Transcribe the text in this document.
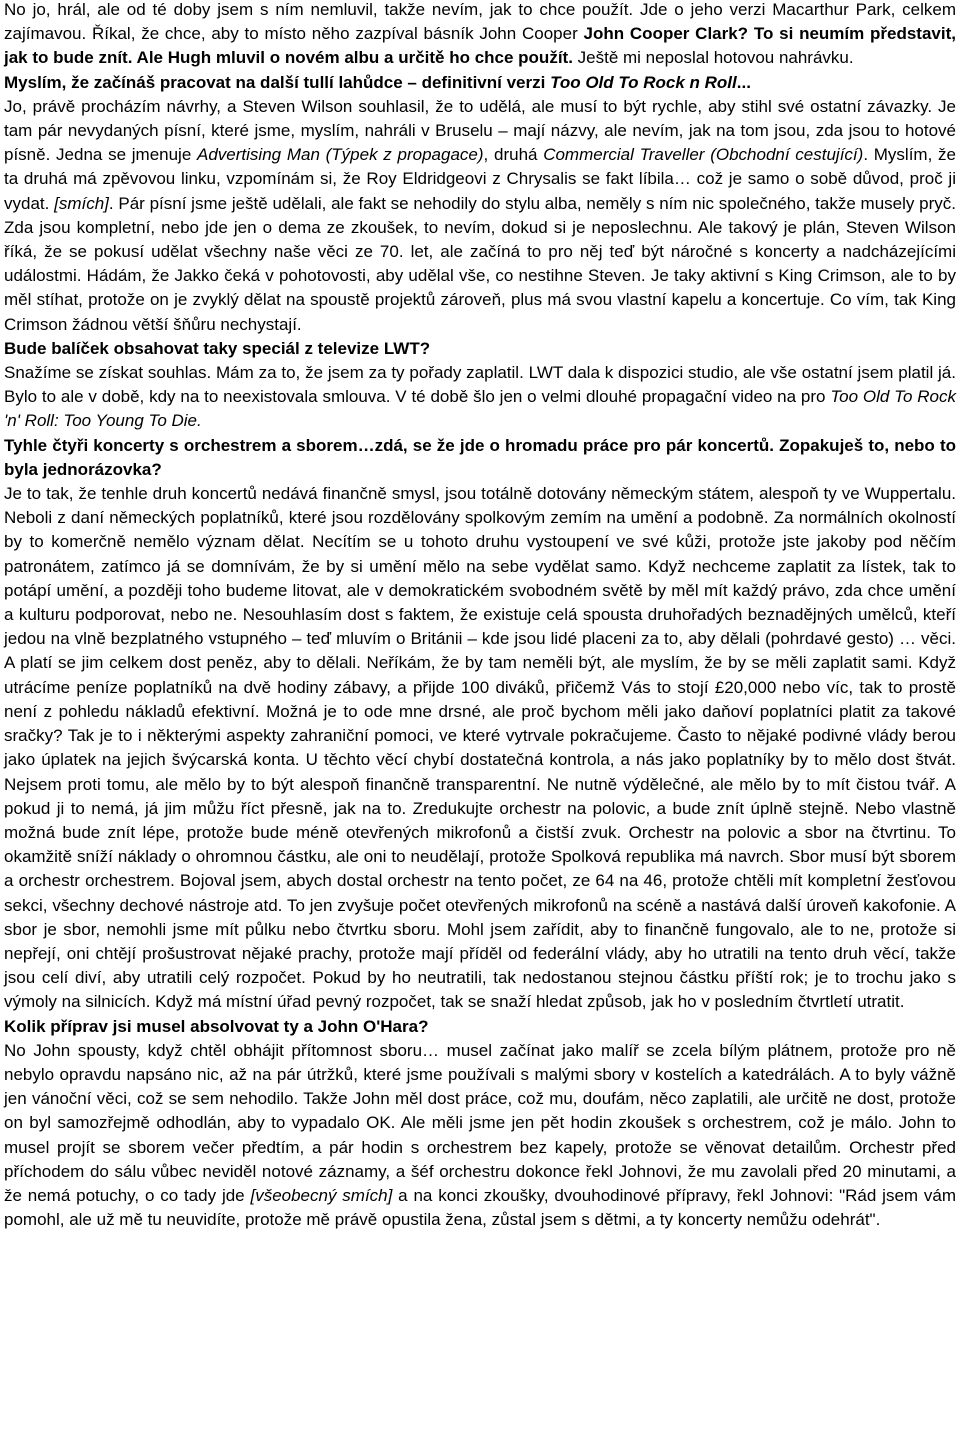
No jo, hrál, ale od té doby jsem s ním nemluvil, takže nevím, jak to chce použít. Jde o jeho verzi Macarthur Park, celkem zajímavou. Říkal, že chce, aby to místo něho zazpíval básník John Cooper John Cooper Clark? To si neumím představit, jak to bude znít. Ale Hugh mluvil o novém albu a určitě ho chce použít. Ještě mi neposlal hotovou nahrávku.

Myslím, že začínáš pracovat na další tullí lahůdce – definitivní verzi Too Old To Rock n Roll...

Jo, právě procházím návrhy, a Steven Wilson souhlasil, že to udělá, ale musí to být rychle, aby stihl své ostatní závazky. Je tam pár nevydaných písní, které jsme, myslím, nahráli v Bruselu – mají názvy, ale nevím, jak na tom jsou, zda jsou to hotové písně. Jedna se jmenuje Advertising Man (Týpek z propagace), druhá Commercial Traveller (Obchodní cestující). Myslím, že ta druhá má zpěvovou linku, vzpomínám si, že Roy Eldridgeovi z Chrysalis se fakt líbila… což je samo o sobě důvod, proč ji vydat. [smích]. Pár písní jsme ještě udělali, ale fakt se nehodily do stylu alba, neměly s ním nic společného, takže musely pryč. Zda jsou kompletní, nebo jde jen o dema ze zkoušek, to nevím, dokud si je neposlechnu. Ale takový je plán, Steven Wilson říká, že se pokusí udělat všechny naše věci ze 70. let, ale začíná to pro něj teď být náročné s koncerty a nadcházejícími událostmi. Hádám, že Jakko čeká v pohotovosti, aby udělal vše, co nestihne Steven. Je taky aktivní s King Crimson, ale to by měl stíhat, protože on je zvyklý dělat na spoustě projektů zároveň, plus má svou vlastní kapelu a koncertuje. Co vím, tak King Crimson žádnou větší šňůru nechystají.

Bude balíček obsahovat taky speciál z televize LWT?

Snažíme se získat souhlas. Mám za to, že jsem za ty pořady zaplatil. LWT dala k dispozici studio, ale vše ostatní jsem platil já. Bylo to ale v době, kdy na to neexistovala smlouva. V té době šlo jen o velmi dlouhé propagační video na pro Too Old To Rock 'n' Roll: Too Young To Die.

Tyhle čtyři koncerty s orchestrem a sborem…zdá, se že jde o hromadu práce pro pár koncertů. Zopakuješ to, nebo to byla jednorázovka?

Je to tak, že tenhle druh koncertů nedává finančně smysl, jsou totálně dotovány německým státem, alespoň ty ve Wuppertalu. Neboli z daní německých poplatníků, které jsou rozdělovány spolkovým zemím na umění a podobně. Za normálních okolností by to komerčně nemělo význam dělat. Necítím se u tohoto druhu vystoupení ve své kůži, protože jste jakoby pod něčím patronátem, zatímco já se domnívám, že by si umění mělo na sebe vydělat samo. Když nechceme zaplatit za lístek, tak to potápí umění, a později toho budeme litovat, ale v demokratickém svobodném světě by měl mít každý právo, zda chce umění a kulturu podporovat, nebo ne. Nesouhlasím dost s faktem, že existuje celá spousta druhořadých beznadějných umělců, kteří jedou na vlně bezplatného vstupného – teď mluvím o Británii – kde jsou lidé placeni za to, aby dělali (pohrdavé gesto) … věci. A platí se jim celkem dost peněz, aby to dělali. Neříkám, že by tam neměli být, ale myslím, že by se měli zaplatit sami. Když utrácíme peníze poplatníků na dvě hodiny zábavy, a přijde 100 diváků, přičemž Vás to stojí £20,000 nebo víc, tak to prostě není z pohledu nákladů efektivní. Možná je to ode mne drsné, ale proč bychom měli jako daňoví poplatníci platit za takové sračky? Tak je to i některými aspekty zahraniční pomoci, ve které vytrvale pokračujeme. Často to nějaké podivné vlády berou jako úplatek na jejich švýcarská konta. U těchto věcí chybí dostatečná kontrola, a nás jako poplatníky by to mělo dost štvát. Nejsem proti tomu, ale mělo by to být alespoň finančně transparentní. Ne nutně výdělečné, ale mělo by to mít čistou tvář. A pokud ji to nemá, já jim můžu říct přesně, jak na to. Zredukujte orchestr na polovic, a bude znít úplně stejně. Nebo vlastně možná bude znít lépe, protože bude méně otevřených mikrofonů a čistší zvuk. Orchestr na polovic a sbor na čtvrtinu. To okamžitě sníží náklady o ohromnou částku, ale oni to neudělají, protože Spolková republika má navrch. Sbor musí být sborem a orchestr orchestrem. Bojoval jsem, abych dostal orchestr na tento počet, ze 64 na 46, protože chtěli mít kompletní žesťovou sekci, všechny dechové nástroje atd. To jen zvyšuje počet otevřených mikrofonů na scéně a nastává další úroveň kakofonie. A sbor je sbor, nemohli jsme mít půlku nebo čtvrtku sboru. Mohl jsem zařídit, aby to finančně fungovalo, ale to ne, protože si nepřejí, oni chtějí prošustrovat nějaké prachy, protože mají příděl od federální vlády, aby ho utratili na tento druh věcí, takže jsou celí diví, aby utratili celý rozpočet. Pokud by ho neutratili, tak nedostanou stejnou částku příští rok; je to trochu jako s výmoly na silnicích. Když má místní úřad pevný rozpočet, tak se snaží hledat způsob, jak ho v posledním čtvrtletí utratit.

Kolik příprav jsi musel absolvovat ty a John O'Hara?

No John spousty, když chtěl obhájit přítomnost sboru… musel začínat jako malíř se zcela bílým plátnem, protože pro ně nebylo opravdu napsáno nic, až na pár útržků, které jsme používali s malými sbory v kostelích a katedrálách. A to byly vážně jen vánoční věci, což se sem nehodilo. Takže John měl dost práce, což mu, doufám, něco zaplatili, ale určitě ne dost, protože on byl samozřejmě odhodlán, aby to vypadalo OK. Ale měli jsme jen pět hodin zkoušek s orchestrem, což je málo. John to musel projít se sborem večer předtím, a pár hodin s orchestrem bez kapely, protože se věnovat detailům. Orchestr před příchodem do sálu vůbec neviděl notové záznamy, a šéf orchestru dokonce řekl Johnovi, že mu zavolali před 20 minutami, a že nemá potuchy, o co tady jde [všeobecný smích] a na konci zkoušky, dvouhodinové přípravy, řekl Johnovi: "Rád jsem vám pomohl, ale už mě tu neuvidíte, protože mě právě opustila žena, zůstal jsem s dětmi, a ty koncerty nemůžu odehrát".
